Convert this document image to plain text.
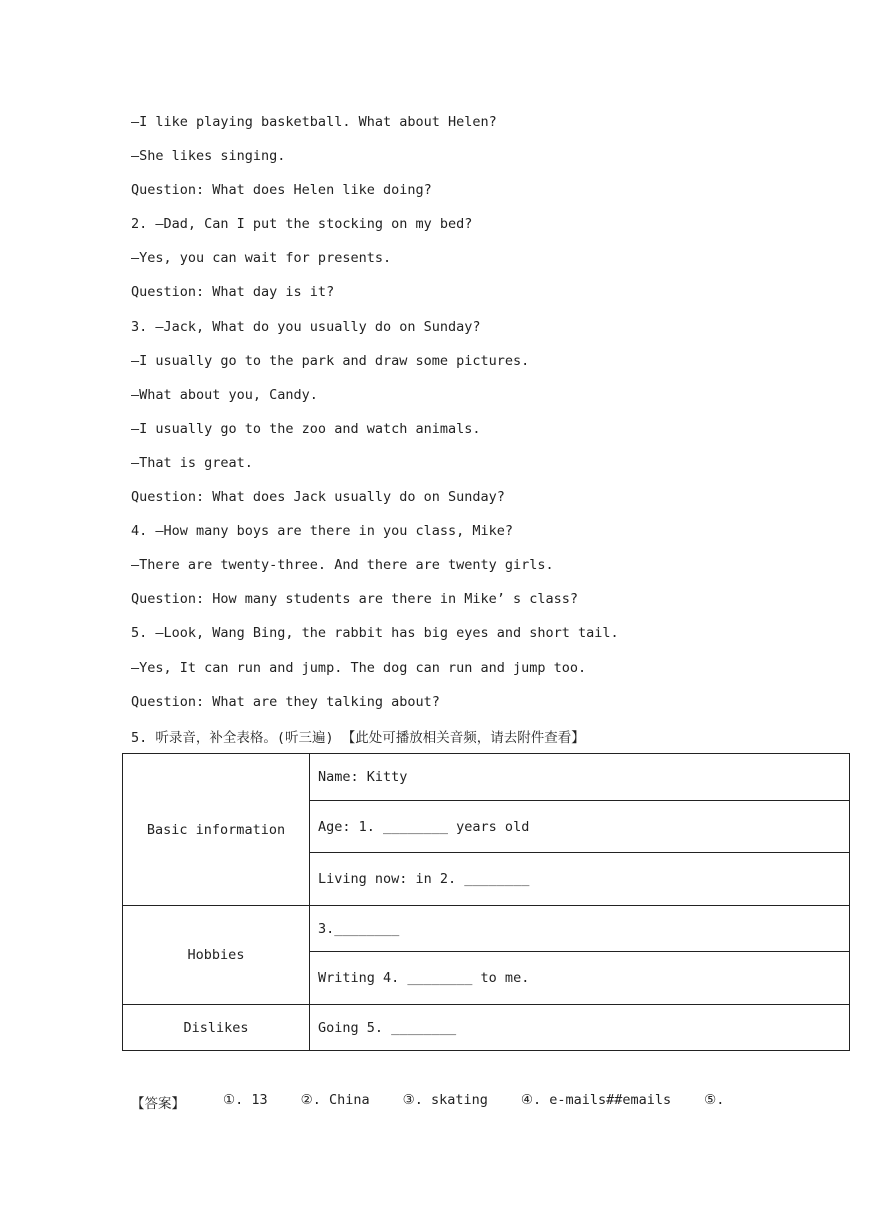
—I like playing basketball. What about Helen?
—She likes singing.
Question: What does Helen like doing?
2. —Dad, Can I put the stocking on my bed?
—Yes, you can wait for presents.
Question: What day is it?
3. —Jack, What do you usually do on Sunday?
—I usually go to the park and draw some pictures.
—What about you, Candy.
—I usually go to the zoo and watch animals.
—That is great.
Question: What does Jack usually do on Sunday?
4. —How many boys are there in you class, Mike?
—There are twenty-three. And there are twenty girls.
Question: How many students are there in Mike’ s class?
5. —Look, Wang Bing, the rabbit has big eyes and short tail.
—Yes, It can run and jump. The dog can run and jump too.
Question: What are they talking about?
5. 听录音，补全表格。(听三遍) 【此处可播放相关音频，请去附件查看】
Basic information	Name: Kitty
	Age: 1. ________ years old
	Living now: in 2. ________
Hobbies	3.________
	Writing 4. ________ to me.
Dislikes	Going 5. ________
【答案】	①. 13 ②. China ③. skating ④. e-mails##emails ⑤.
